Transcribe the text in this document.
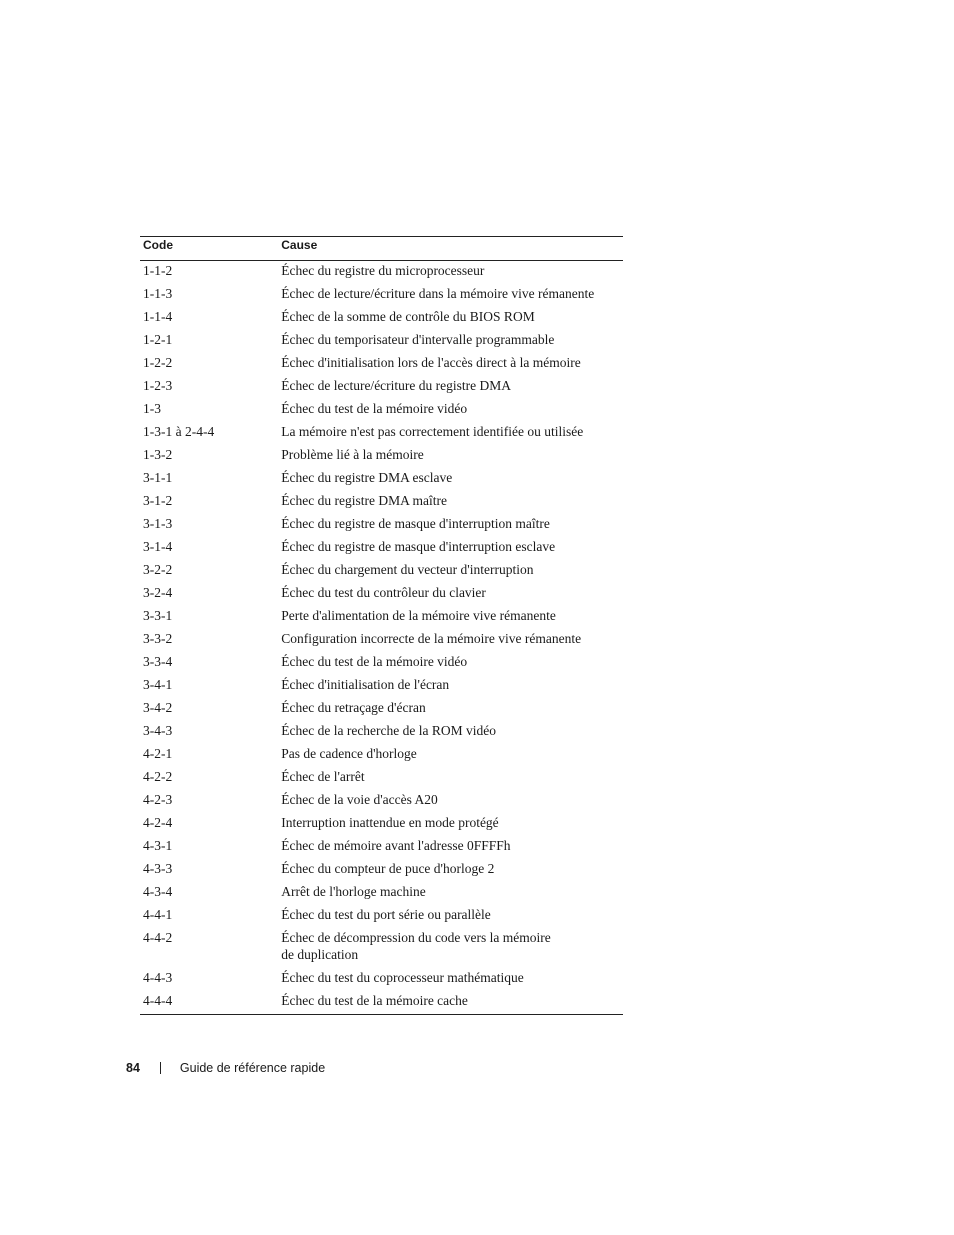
Code	Cause
1-1-2	Échec du registre du microprocesseur
1-1-3	Échec de lecture/écriture dans la mémoire vive rémanente
1-1-4	Échec de la somme de contrôle du BIOS ROM
1-2-1	Échec du temporisateur d'intervalle programmable
1-2-2	Échec d'initialisation lors de l'accès direct à la mémoire
1-2-3	Échec de lecture/écriture du registre DMA
1-3	Échec du test de la mémoire vidéo
1-3-1 à 2-4-4	La mémoire n'est pas correctement identifiée ou utilisée
1-3-2	Problème lié à la mémoire
3-1-1	Échec du registre DMA esclave
3-1-2	Échec du registre DMA maître
3-1-3	Échec du registre de masque d'interruption maître
3-1-4	Échec du registre de masque d'interruption esclave
3-2-2	Échec du chargement du vecteur d'interruption
3-2-4	Échec du test du contrôleur du clavier
3-3-1	Perte d'alimentation de la mémoire vive rémanente
3-3-2	Configuration incorrecte de la mémoire vive rémanente
3-3-4	Échec du test de la mémoire vidéo
3-4-1	Échec d'initialisation de l'écran
3-4-2	Échec du retraçage d'écran
3-4-3	Échec de la recherche de la ROM vidéo
4-2-1	Pas de cadence d'horloge
4-2-2	Échec de l'arrêt
4-2-3	Échec de la voie d'accès A20
4-2-4	Interruption inattendue en mode protégé
4-3-1	Échec de mémoire avant l'adresse 0FFFFh
4-3-3	Échec du compteur de puce d'horloge 2
4-3-4	Arrêt de l'horloge machine
4-4-1	Échec du test du port série ou parallèle
4-4-2	Échec de décompression du code vers la mémoire
de duplication

4-4-3	Échec du test du coprocesseur mathématique
4-4-4	Échec du test de la mémoire cache
84	Guide de référence rapide
